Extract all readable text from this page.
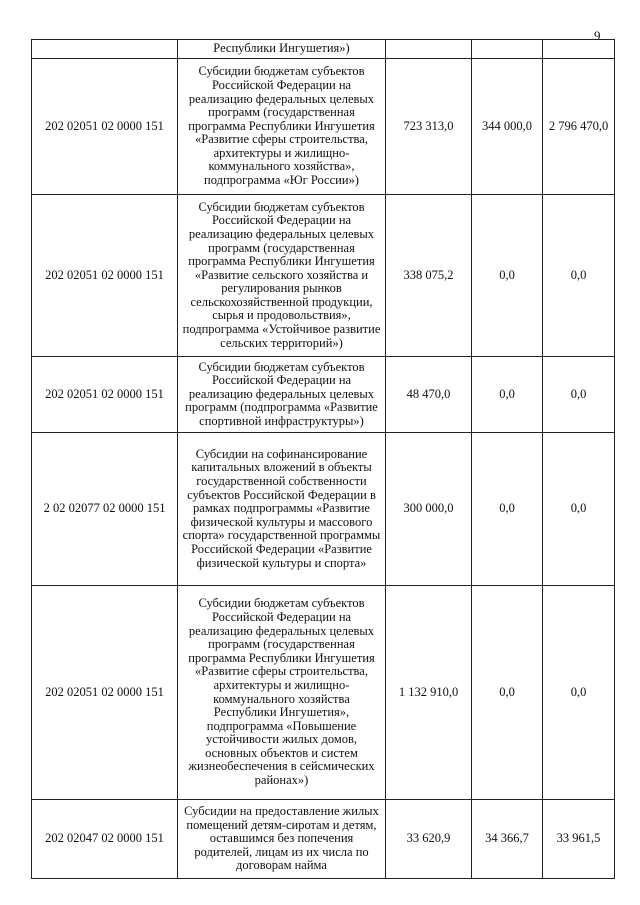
9
	Республики Ингушетия»)			
202 02051 02 0000 151	Субсидии бюджетам субъектов Российской Федерации на реализацию федеральных целевых программ (государственная программа Республики Ингушетия «Развитие сферы строительства, архитектуры и жилищно-коммунального хозяйства», подпрограмма «Юг России»)	723 313,0	344 000,0	2 796 470,0
202 02051 02 0000 151	Субсидии бюджетам субъектов Российской Федерации на реализацию федеральных целевых программ (государственная программа Республики Ингушетия «Развитие сельского хозяйства и регулирования рынков сельскохозяйственной продукции, сырья и продовольствия», подпрограмма «Устойчивое развитие сельских территорий»)	338 075,2	0,0	0,0
202 02051 02 0000 151	Субсидии бюджетам субъектов Российской Федерации на реализацию федеральных целевых программ (подпрограмма «Развитие спортивной инфраструктуры»)	48 470,0	0,0	0,0
2 02 02077 02 0000 151	Субсидии на софинансирование капитальных вложений в объекты государственной собственности субъектов Российской Федерации в рамках подпрограммы «Развитие физической культуры и массового спорта» государственной программы Российской Федерации «Развитие физической культуры и спорта»	300 000,0	0,0	0,0
202 02051 02 0000 151	Субсидии бюджетам субъектов Российской Федерации на реализацию федеральных целевых программ (государственная программа Республики Ингушетия «Развитие сферы строительства, архитектуры и жилищно-коммунального хозяйства Республики Ингушетия», подпрограмма «Повышение устойчивости жилых домов, основных объектов и систем жизнеобеспечения в сейсмических районах»)	1 132 910,0	0,0	0,0
202 02047 02 0000 151	Субсидии на предоставление жилых помещений детям-сиротам и детям, оставшимся без попечения родителей, лицам из их числа по договорам найма	33 620,9	34 366,7	33 961,5
